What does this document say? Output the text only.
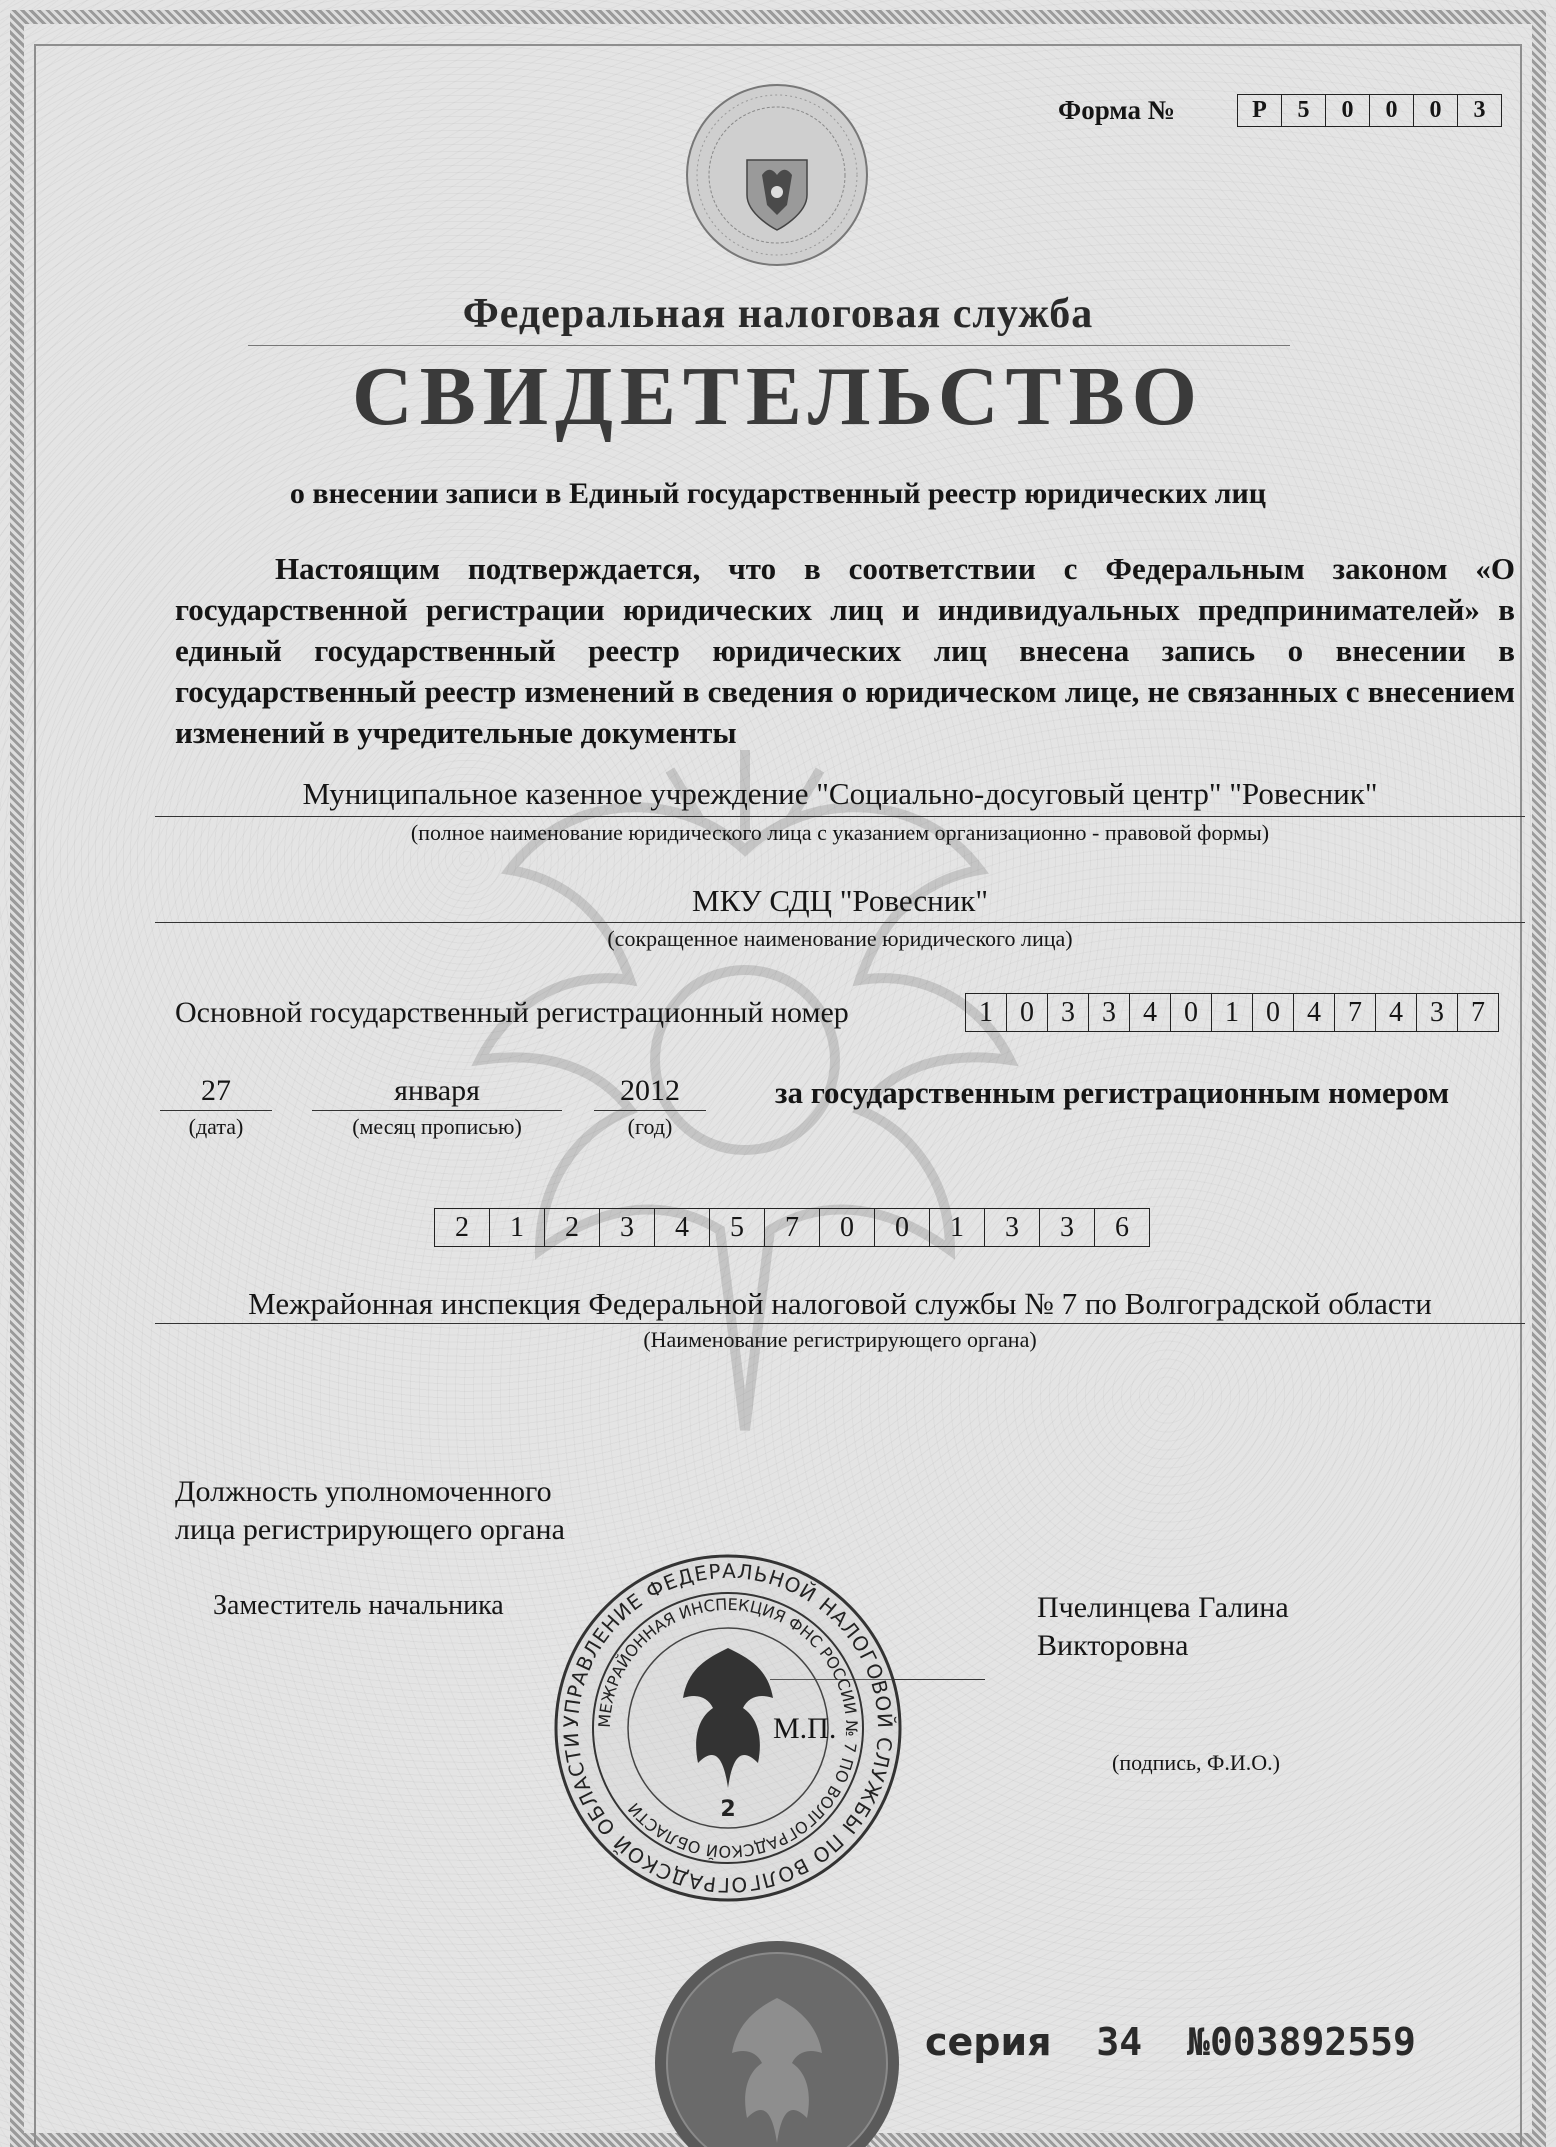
Форма №	Р	5	0	0	0	3
Федеральная налоговая служба
СВИДЕТЕЛЬСТВО
о внесении записи в Единый государственный реестр юридических лиц
Настоящим подтверждается, что в соответствии с Федеральным законом «О государственной регистрации юридических лиц и индивидуальных предпринимателей» в единый государственный реестр юридических лиц внесена запись о внесении в государственный реестр изменений в сведения о юридическом лице, не связанных с внесением изменений в учредительные документы
Муниципальное казенное учреждение "Социально-досуговый центр" "Ровесник"
(полное наименование юридического лица с указанием организационно - правовой формы)
МКУ СДЦ "Ровесник"
(сокращенное наименование юридического лица)
Основной государственный регистрационный номер	1 0 3 3 4 0 1 0 4 7 4 3 7
27
(дата)
января
(месяц прописью)
2012
(год)
за государственным регистрационным номером
2	1	2	3	4	5	7	0	0	1	3	3	6
Межрайонная инспекция Федеральной налоговой службы № 7 по Волгоградской области
(Наименование регистрирующего органа)
Должность уполномоченного
лица регистрирующего органа
Заместитель начальника	Пчелинцева Галина
Викторовна
УПРАВЛЕНИЕ ФЕДЕРАЛЬНОЙ НАЛОГОВОЙ СЛУЖБЫ ПО ВОЛГОГРАДСКОЙ ОБЛАСТИ
МЕЖРАЙОННАЯ ИНСПЕКЦИЯ ФНС РОССИИ № 7 ПО ВОЛГОГРАДСКОЙ ОБЛАСТИ	2
М.П.
(подпись, Ф.И.О.)
серия 34 №003892559
